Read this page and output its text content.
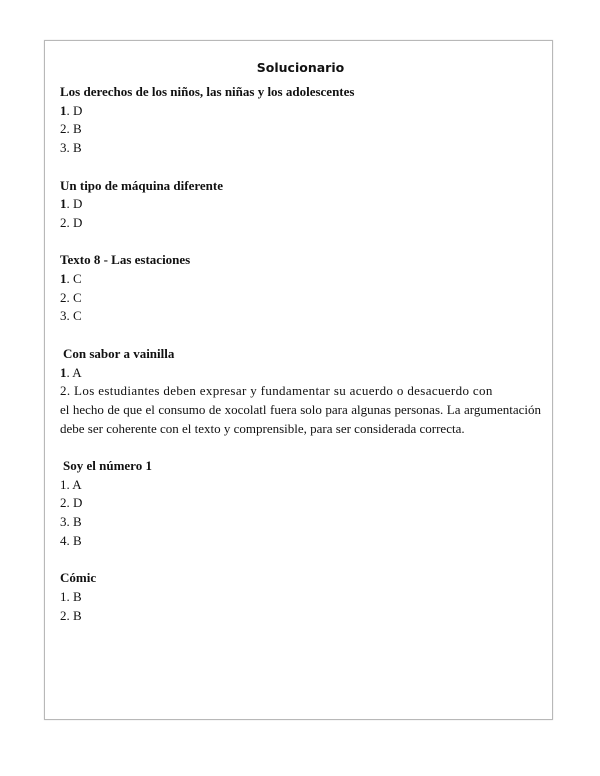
Solucionario
Los derechos de los niños, las niñas y los adolescentes
1. D
2. B
3. B
Un tipo de máquina diferente
1. D
2. D
Texto 8 - Las estaciones
1. C
2. C
3. C
Con sabor a vainilla
1. A
2. Los estudiantes deben expresar y fundamentar su acuerdo o desacuerdo con
el hecho de que el consumo de xocolatl fuera solo para algunas personas. La argumentación debe ser coherente con el texto y comprensible, para ser considerada correcta.
Soy el número 1
1. A
2. D
3. B
4. B
Cómic
1. B
2. B
